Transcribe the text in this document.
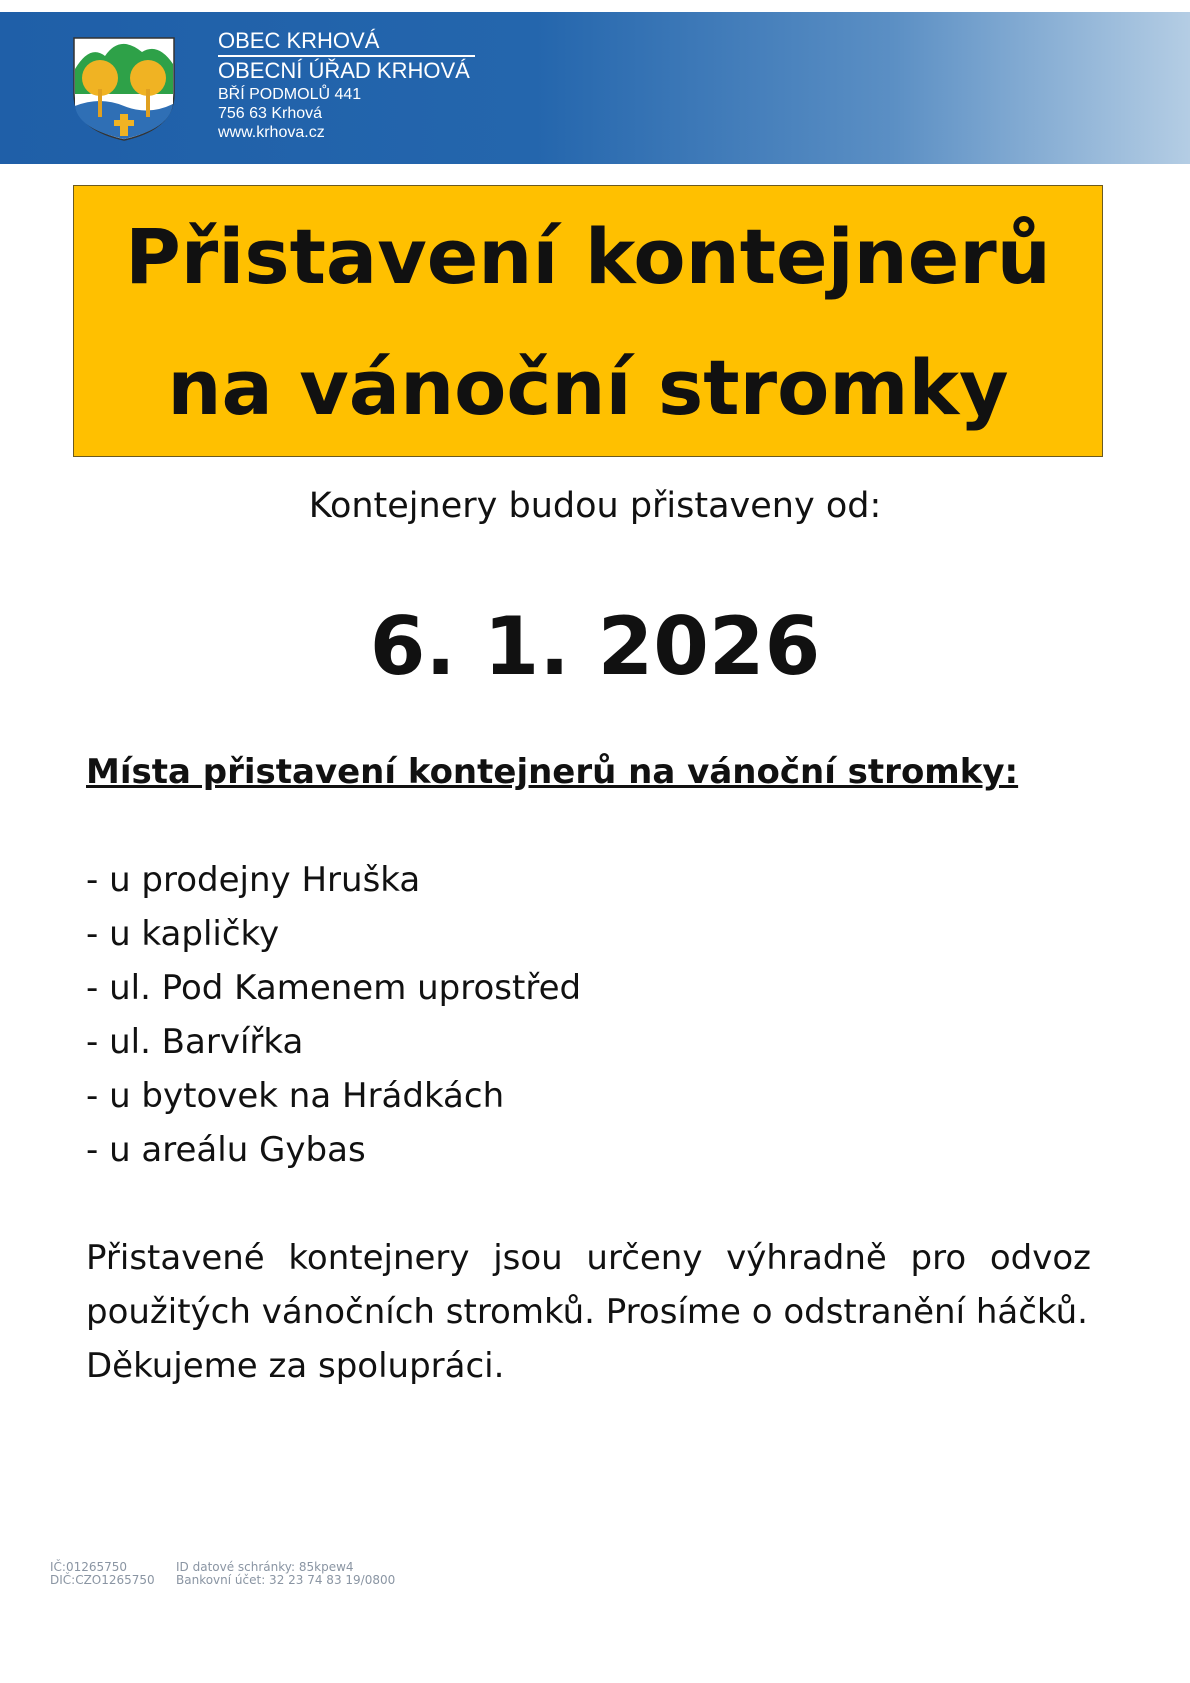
OBEC KRHOVÁ
OBECNÍ ÚŘAD KRHOVÁ
BŘÍ PODMOLŮ 441
756 63 Krhová
www.krhova.cz
Přistavení kontejnerů
na vánoční stromky
Kontejnery budou přistaveny od:
6. 1. 2026
Místa přistavení kontejnerů na vánoční stromky:
- u prodejny Hruška
- u kapličky
- ul. Pod Kamenem uprostřed
- ul. Barvířka
- u bytovek na Hrádkách
- u areálu Gybas
Přistavené kontejnery jsou určeny výhradně pro odvoz použitých vánočních stromků. Prosíme o odstranění háčků.
Děkujeme za spolupráci.
IČ:01265750
DIČ:CZO1265750
ID datové schránky: 85kpew4
Bankovní účet: 32 23 74 83 19/0800
